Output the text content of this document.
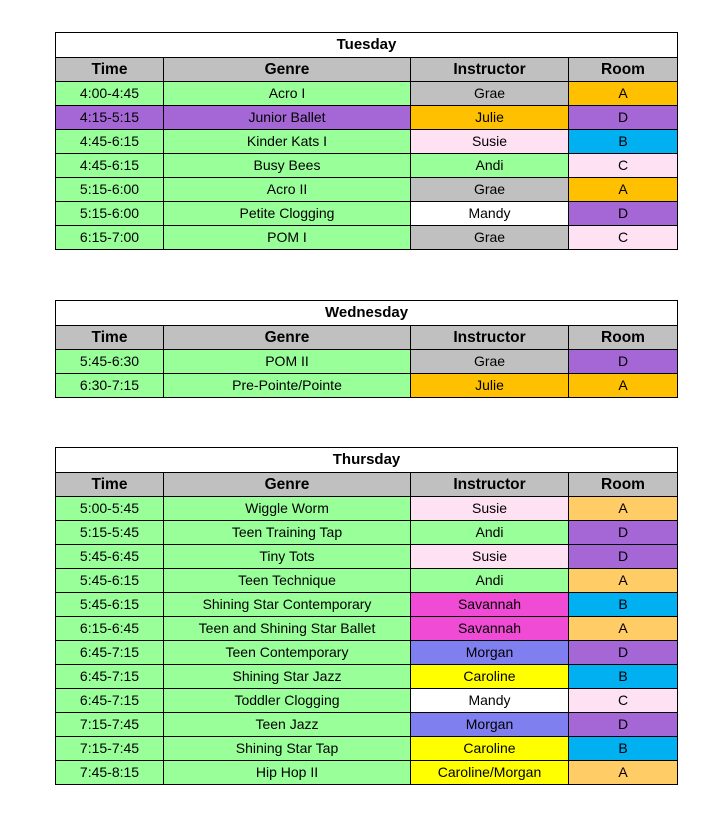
Tuesday			
Time	Genre	Instructor	Room
4:00-4:45	Acro I	Grae	A
4:15-5:15	Junior Ballet	Julie	D
4:45-6:15	Kinder Kats I	Susie	B
4:45-6:15	Busy Bees	Andi	C
5:15-6:00	Acro II	Grae	A
5:15-6:00	Petite Clogging	Mandy	D
6:15-7:00	POM I	Grae	C
Wednesday			
Time	Genre	Instructor	Room
5:45-6:30	POM II	Grae	D
6:30-7:15	Pre-Pointe/Pointe	Julie	A
Thursday			
Time	Genre	Instructor	Room
5:00-5:45	Wiggle Worm	Susie	A
5:15-5:45	Teen Training Tap	Andi	D
5:45-6:45	Tiny Tots	Susie	D
5:45-6:15	Teen Technique	Andi	A
5:45-6:15	Shining Star Contemporary	Savannah	B
6:15-6:45	Teen and Shining Star Ballet	Savannah	A
6:45-7:15	Teen Contemporary	Morgan	D
6:45-7:15	Shining Star Jazz	Caroline	B
6:45-7:15	Toddler Clogging	Mandy	C
7:15-7:45	Teen Jazz	Morgan	D
7:15-7:45	Shining Star Tap	Caroline	B
7:45-8:15	Hip Hop II	Caroline/Morgan	A
